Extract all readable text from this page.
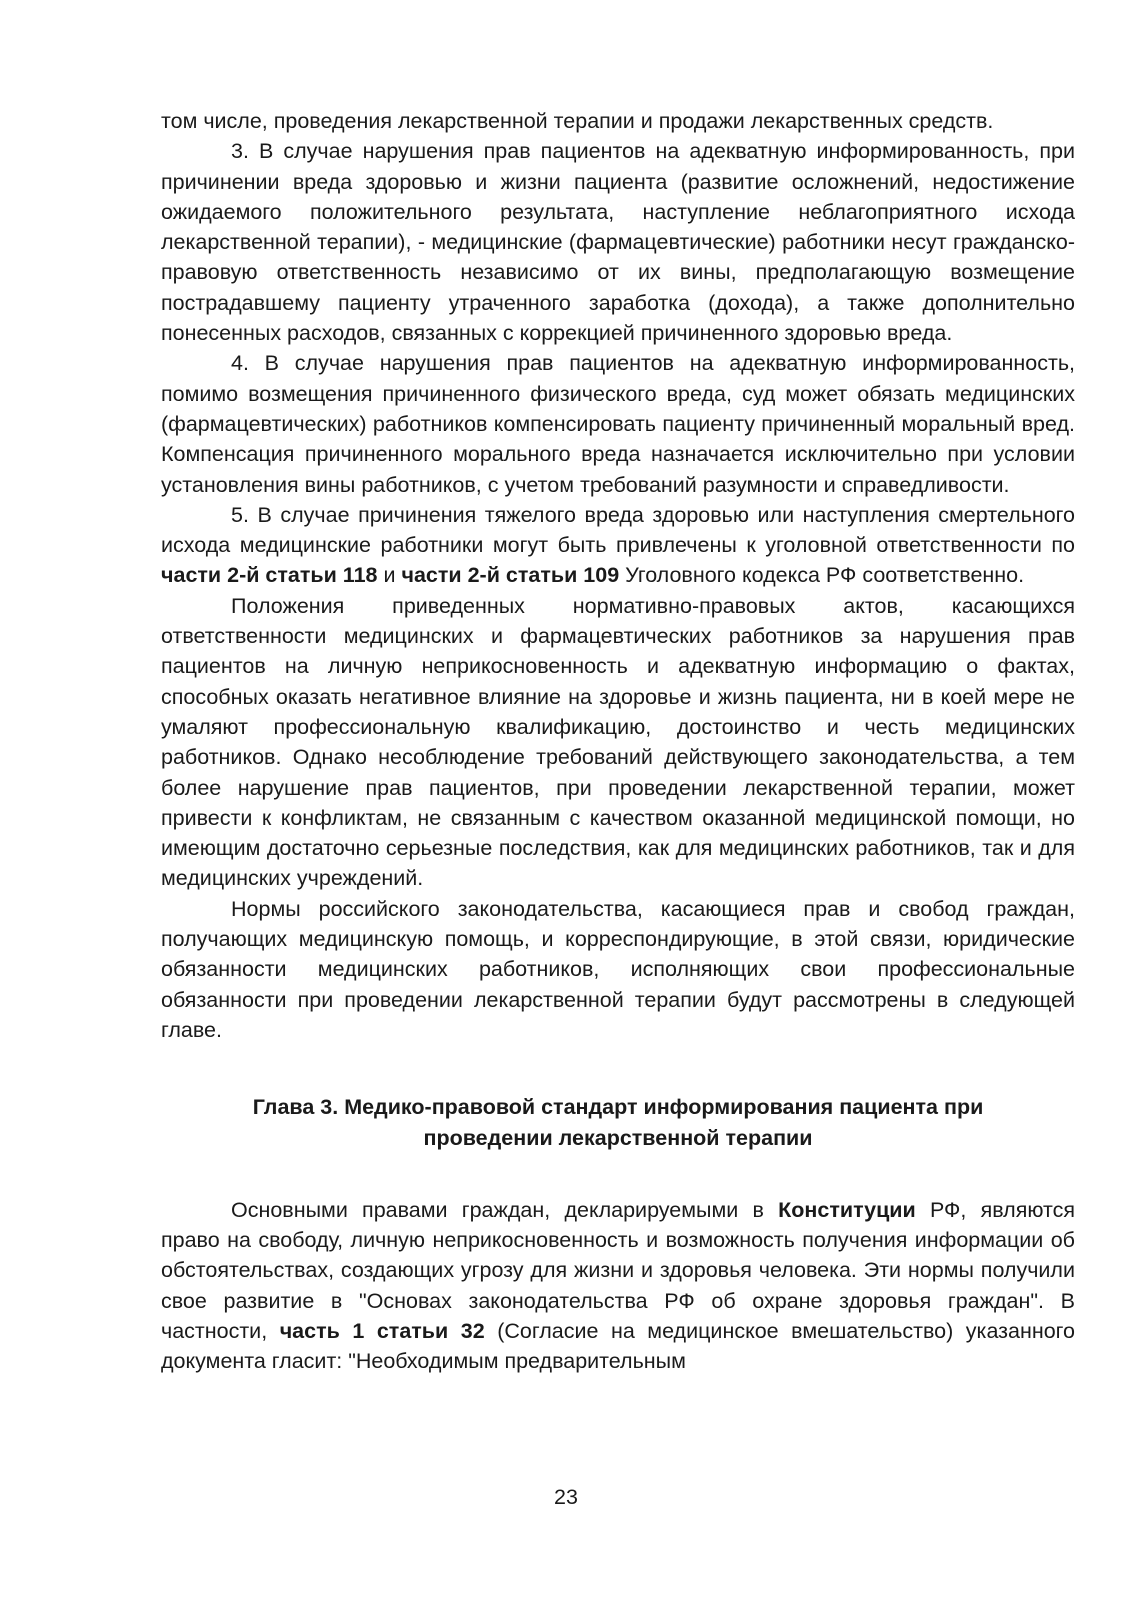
том числе, проведения лекарственной терапии и продажи лекарственных средств.

3. В случае нарушения прав пациентов на адекватную информированность, при причинении вреда здоровью и жизни пациента (развитие осложнений, недостижение ожидаемого положительного результата, наступление неблагоприятного исхода лекарственной терапии), - медицинские (фармацевтические) работники несут гражданско-правовую ответственность независимо от их вины, предполагающую возмещение пострадавшему пациенту утраченного заработка (дохода), а также дополнительно понесенных расходов, связанных с коррекцией причиненного здоровью вреда.

4. В случае нарушения прав пациентов на адекватную информированность, помимо возмещения причиненного физического вреда, суд может обязать медицинских (фармацевтических) работников компенсировать пациенту причиненный моральный вред. Компенсация причиненного морального вреда назначается исключительно при условии установления вины работников, с учетом требований разумности и справедливости.

5. В случае причинения тяжелого вреда здоровью или наступления смертельного исхода медицинские работники могут быть привлечены к уголовной ответственности по части 2-й статьи 118 и части 2-й статьи 109 Уголовного кодекса РФ соответственно.

Положения приведенных нормативно-правовых актов, касающихся ответственности медицинских и фармацевтических работников за нарушения прав пациентов на личную неприкосновенность и адекватную информацию о фактах, способных оказать негативное влияние на здоровье и жизнь пациента, ни в коей мере не умаляют профессиональную квалификацию, достоинство и честь медицинских работников. Однако несоблюдение требований действующего законодательства, а тем более нарушение прав пациентов, при проведении лекарственной терапии, может привести к конфликтам, не связанным с качеством оказанной медицинской помощи, но имеющим достаточно серьезные последствия, как для медицинских работников, так и для медицинских учреждений.

Нормы российского законодательства, касающиеся прав и свобод граждан, получающих медицинскую помощь, и корреспондирующие, в этой связи, юридические обязанности медицинских работников, исполняющих свои профессиональные обязанности при проведении лекарственной терапии будут рассмотрены в следующей главе.

Глава 3. Медико-правовой стандарт информирования пациента при проведении лекарственной терапии

Основными правами граждан, декларируемыми в Конституции РФ, являются право на свободу, личную неприкосновенность и возможность получения информации об обстоятельствах, создающих угрозу для жизни и здоровья человека. Эти нормы получили свое развитие в "Основах законодательства РФ об охране здоровья граждан". В частности, часть 1 статьи 32 (Согласие на медицинское вмешательство) указанного документа гласит: "Необходимым предварительным

23
